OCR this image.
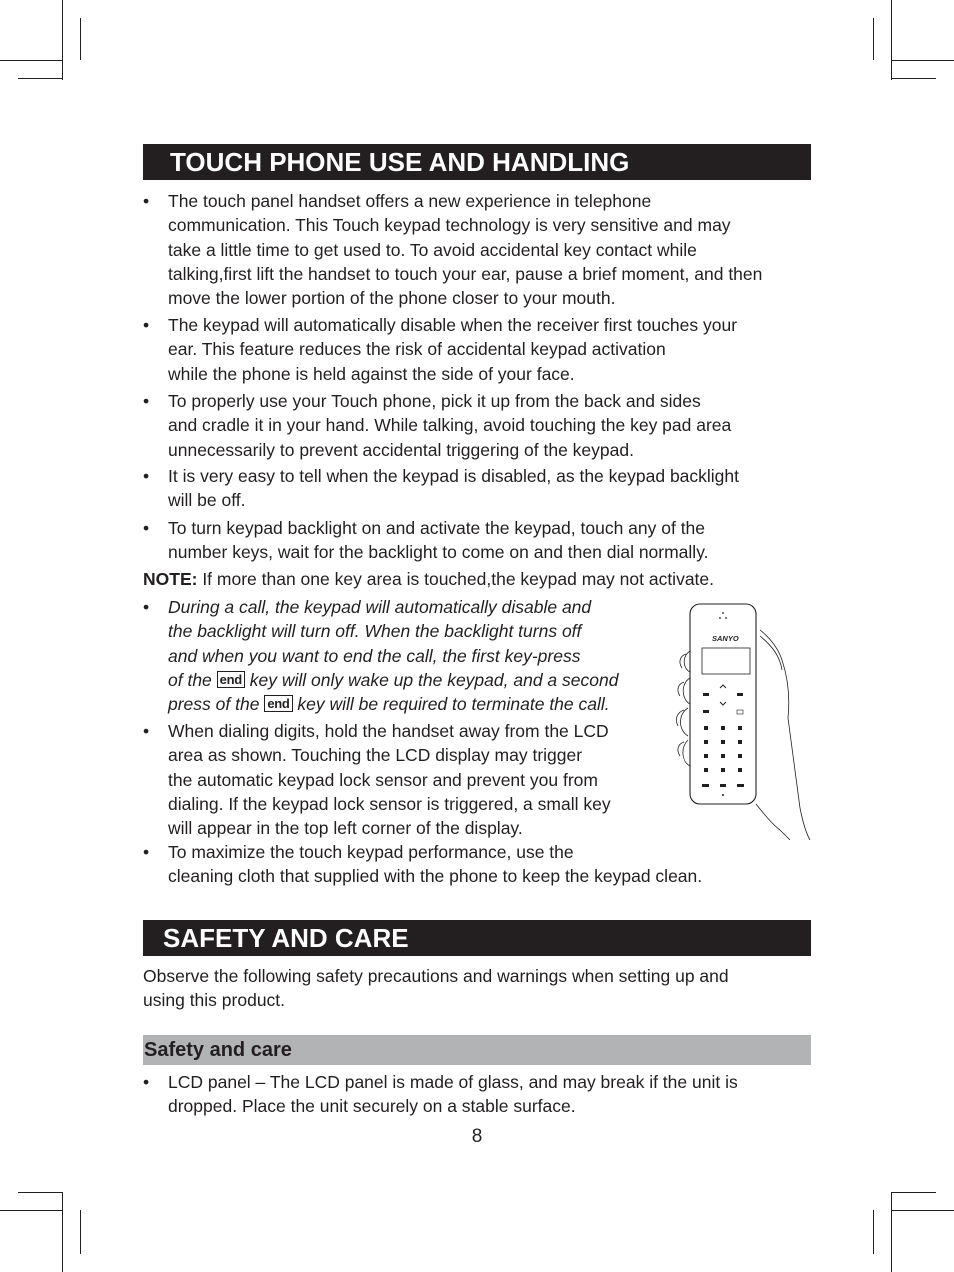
TOUCH PHONE USE AND HANDLING
•	The touch panel handset offers a new experience in telephone
communication. This Touch keypad technology is very sensitive and may
take a little time to get used to. To avoid accidental key contact while
talking,first lift the handset to touch your ear, pause a brief moment, and then
move the lower portion of the phone closer to your mouth.
•	The keypad will automatically disable when the receiver first touches your
ear. This feature reduces the risk of accidental keypad activation
while the phone is held against the side of your face.
•	To properly use your Touch phone, pick it up from the back and sides
and cradle it in your hand. While talking, avoid touching the key pad area
unnecessarily to prevent accidental triggering of the keypad.
•	It is very easy to tell when the keypad is disabled, as the keypad backlight
will be off.
•	To turn keypad backlight on and activate the keypad, touch any of the
number keys, wait for the backlight to come on and then dial normally.
NOTE: If more than one key area is touched,the keypad may not activate.
•	During a call, the keypad will automatically disable and
the backlight will turn off. When the backlight turns off
and when you want to end the call, the first key-press
of the end key will only wake up the keypad, and a second
press of the end key will be required to terminate the call.
•	When dialing digits, hold the handset away from the LCD
area as shown. Touching the LCD display may trigger
the automatic keypad lock sensor and prevent you from
dialing. If the keypad lock sensor is triggered, a small key
will appear in the top left corner of the display.
•	To maximize the touch keypad performance, use the
cleaning cloth that supplied with the phone to keep the keypad clean.
SANYO
SAFETY AND CARE
Observe the following safety precautions and warnings when setting up and
using this product.
Safety and care
•	LCD panel – The LCD panel is made of glass, and may break if the unit is
dropped. Place the unit securely on a stable surface.
8
